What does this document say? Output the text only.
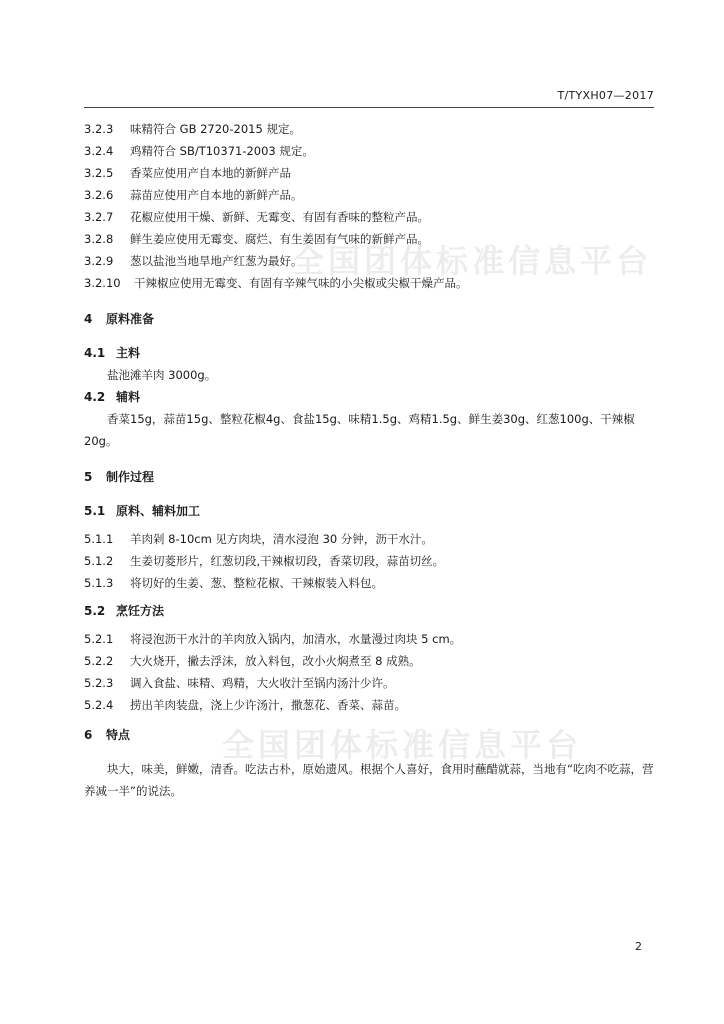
T/TYXH07—2017
全国团体标准信息平台
全国团体标准信息平台
3.2.3	味精符合 GB 2720-2015 规定。
3.2.4	鸡精符合 SB/T10371-2003 规定。
3.2.5	香菜应使用产自本地的新鲜产品
3.2.6	蒜苗应使用产自本地的新鲜产品。
3.2.7	花椒应使用干燥、新鲜、无霉变、有固有香味的整粒产品。
3.2.8	鲜生姜应使用无霉变、腐烂、有生姜固有气味的新鲜产品。
3.2.9	葱以盐池当地旱地产红葱为最好。
3.2.10	干辣椒应使用无霉变、有固有辛辣气味的小尖椒或尖椒干燥产品。
4	原料准备
4.1 主料
盐池滩羊肉 3000g。
4.2 辅料
香菜15g，蒜苗15g、整粒花椒4g、食盐15g、味精1.5g、鸡精1.5g、鲜生姜30g、红葱100g、干辣椒20g。
5	制作过程
5.1 原料、辅料加工
5.1.1	羊肉剁 8-10cm 见方肉块，清水浸泡 30 分钟，沥干水汁。
5.1.2	生姜切菱形片，红葱切段,干辣椒切段，香菜切段，蒜苗切丝。
5.1.3	将切好的生姜、葱、整粒花椒、干辣椒装入料包。
5.2 烹饪方法
5.2.1	将浸泡沥干水汁的羊肉放入锅内，加清水，水量漫过肉块 5 cm。
5.2.2	大火烧开，撇去浮沫，放入料包，改小火焖煮至 8 成熟。
5.2.3	调入食盐、味精、鸡精，大火收汁至锅内汤汁少许。
5.2.4	捞出羊肉装盘，浇上少许汤汁，撒葱花、香菜、蒜苗。
6	特点
块大，味美，鲜嫩，清香。吃法古朴，原始遗风。根据个人喜好，食用时蘸醋就蒜，当地有“吃肉不吃蒜，营养减一半”的说法。
2
